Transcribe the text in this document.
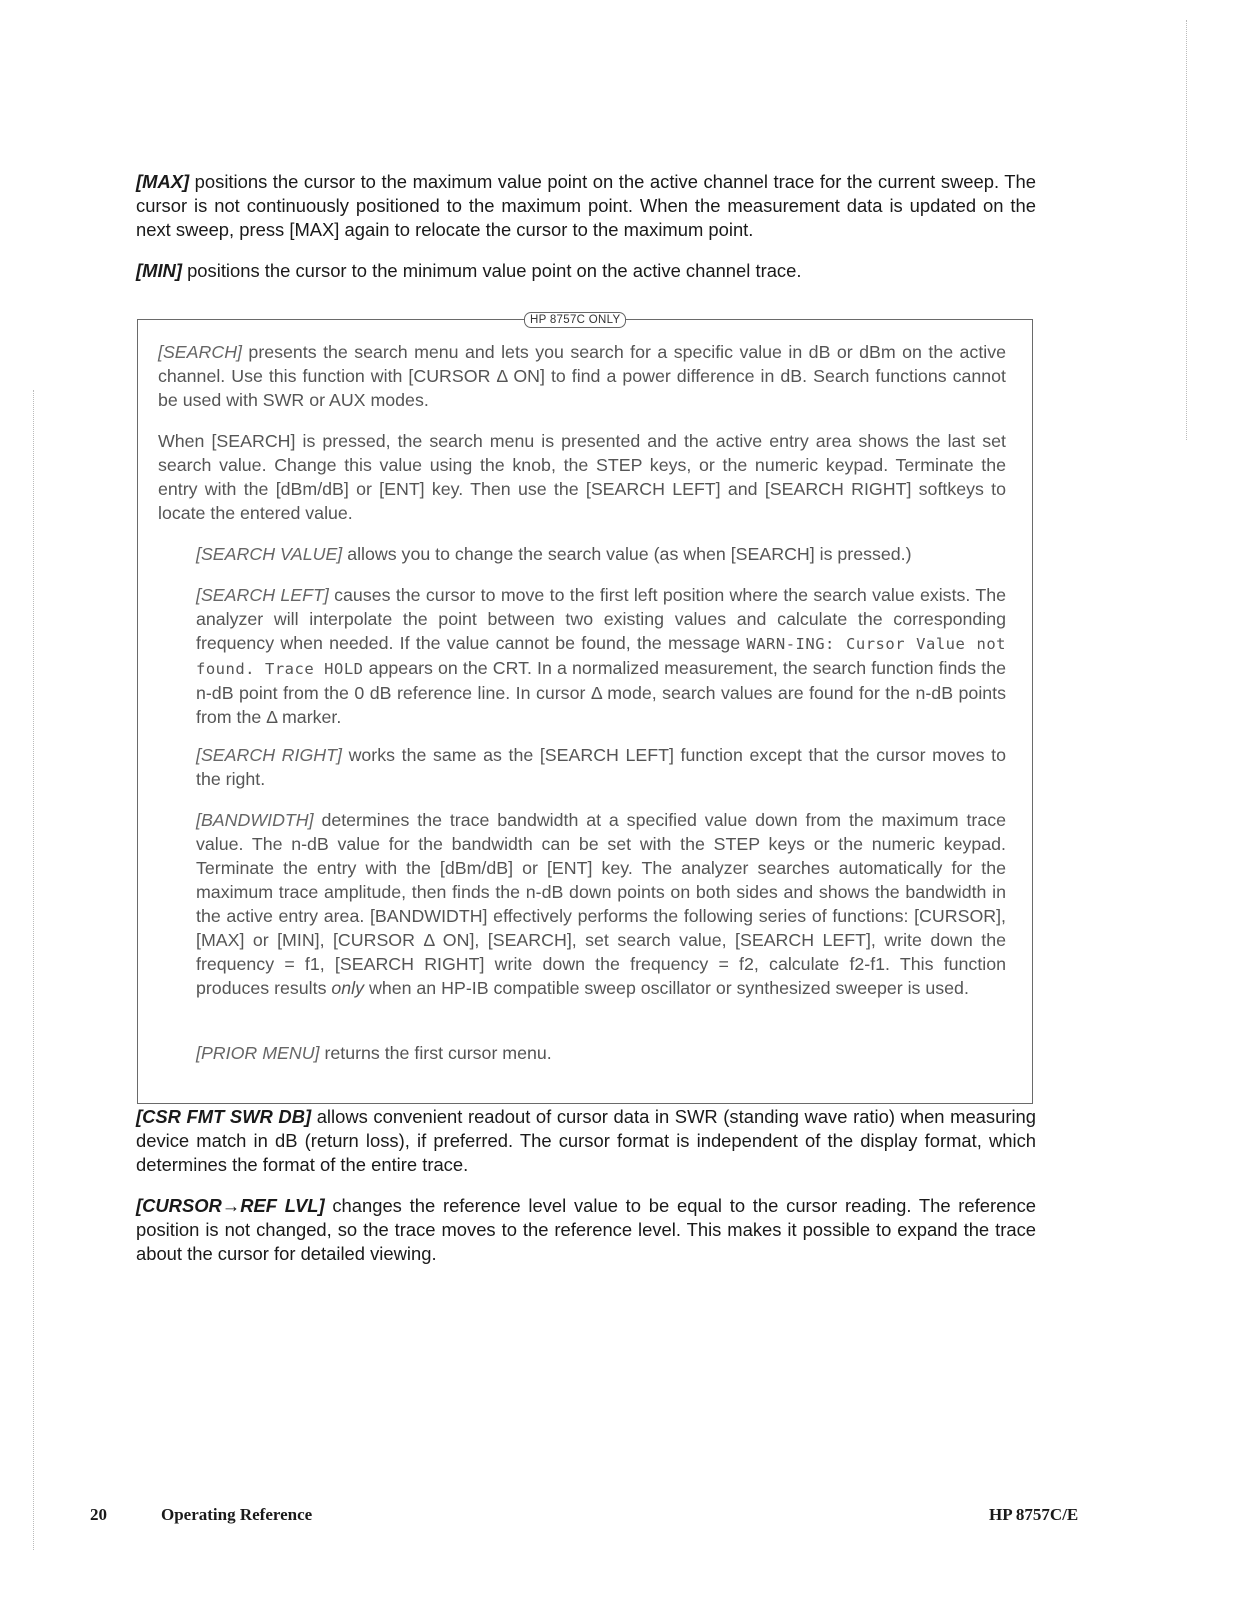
[MAX] positions the cursor to the maximum value point on the active channel trace for the current sweep. The cursor is not continuously positioned to the maximum point. When the measurement data is updated on the next sweep, press [MAX] again to relocate the cursor to the maximum point.

[MIN] positions the cursor to the minimum value point on the active channel trace.

HP 8757C ONLY

[SEARCH] presents the search menu and lets you search for a specific value in dB or dBm on the active channel. Use this function with [CURSOR Δ ON] to find a power difference in dB. Search functions cannot be used with SWR or AUX modes.

When [SEARCH] is pressed, the search menu is presented and the active entry area shows the last set search value. Change this value using the knob, the STEP keys, or the numeric keypad. Terminate the entry with the [dBm/dB] or [ENT] key. Then use the [SEARCH LEFT] and [SEARCH RIGHT] softkeys to locate the entered value.

[SEARCH VALUE] allows you to change the search value (as when [SEARCH] is pressed.)

[SEARCH LEFT] causes the cursor to move to the first left position where the search value exists. The analyzer will interpolate the point between two existing values and calculate the corresponding frequency when needed. If the value cannot be found, the message WARN-ING: Cursor Value not found. Trace HOLD appears on the CRT. In a normalized measurement, the search function finds the n-dB point from the 0 dB reference line. In cursor Δ mode, search values are found for the n-dB points from the Δ marker.

[SEARCH RIGHT] works the same as the [SEARCH LEFT] function except that the cursor moves to the right.

[BANDWIDTH] determines the trace bandwidth at a specified value down from the maximum trace value. The n-dB value for the bandwidth can be set with the STEP keys or the numeric keypad. Terminate the entry with the [dBm/dB] or [ENT] key. The analyzer searches automatically for the maximum trace amplitude, then finds the n-dB down points on both sides and shows the bandwidth in the active entry area. [BANDWIDTH] effectively performs the following series of functions: [CURSOR], [MAX] or [MIN], [CURSOR Δ ON], [SEARCH], set search value, [SEARCH LEFT], write down the frequency = f1, [SEARCH RIGHT] write down the frequency = f2, calculate f2-f1. This function produces results only when an HP-IB compatible sweep oscillator or synthesized sweeper is used.

[PRIOR MENU] returns the first cursor menu.

[CSR FMT SWR DB] allows convenient readout of cursor data in SWR (standing wave ratio) when measuring device match in dB (return loss), if preferred. The cursor format is independent of the display format, which determines the format of the entire trace.

[CURSOR→REF LVL] changes the reference level value to be equal to the cursor reading. The reference position is not changed, so the trace moves to the reference level. This makes it possible to expand the trace about the cursor for detailed viewing.

20	Operating Reference	HP 8757C/E
